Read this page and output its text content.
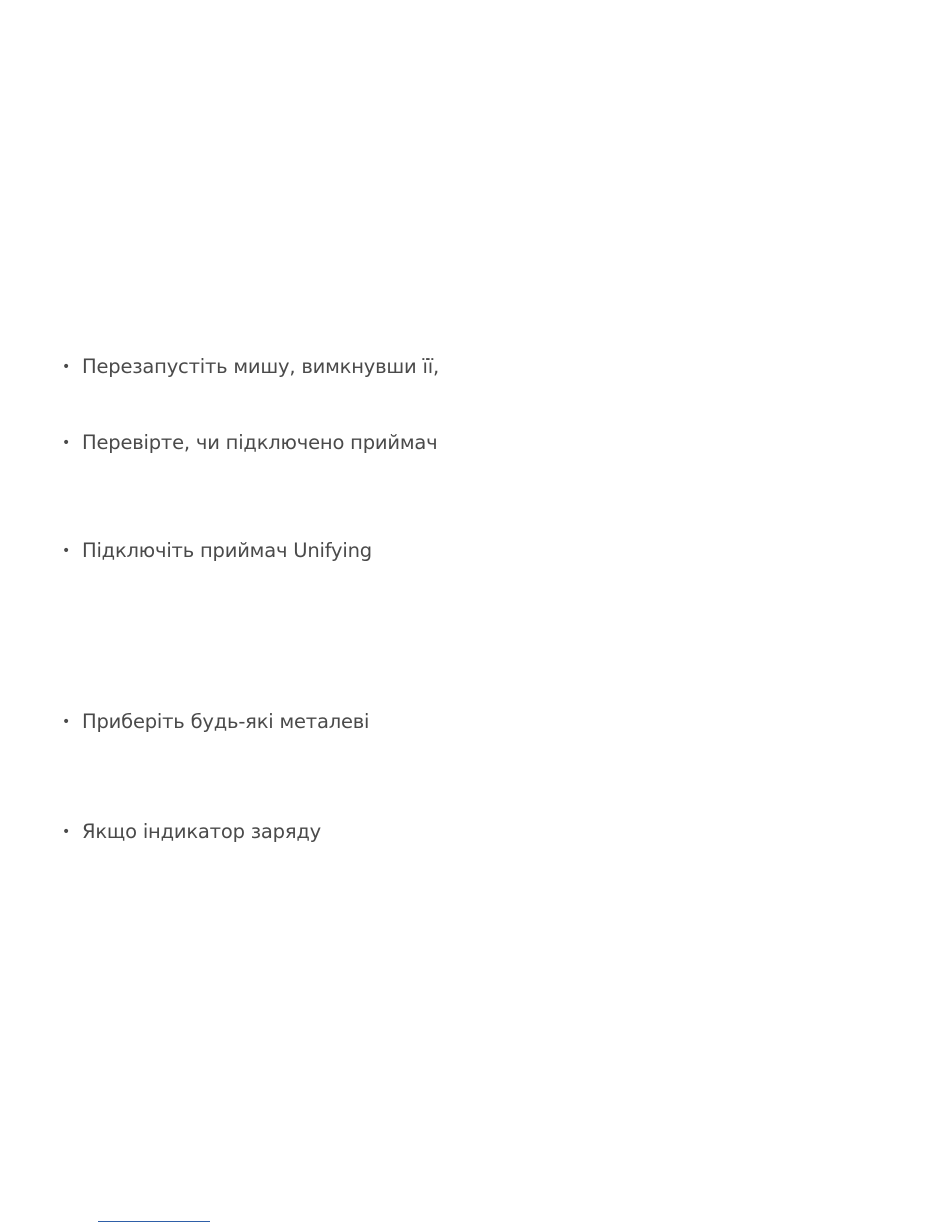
• Перезапустіть мишу, вимкнувши її,
• Перевірте, чи підключено приймач
• Підключіть приймач Unifying
• Приберіть будь-які металеві
• Якщо індикатор заряду
